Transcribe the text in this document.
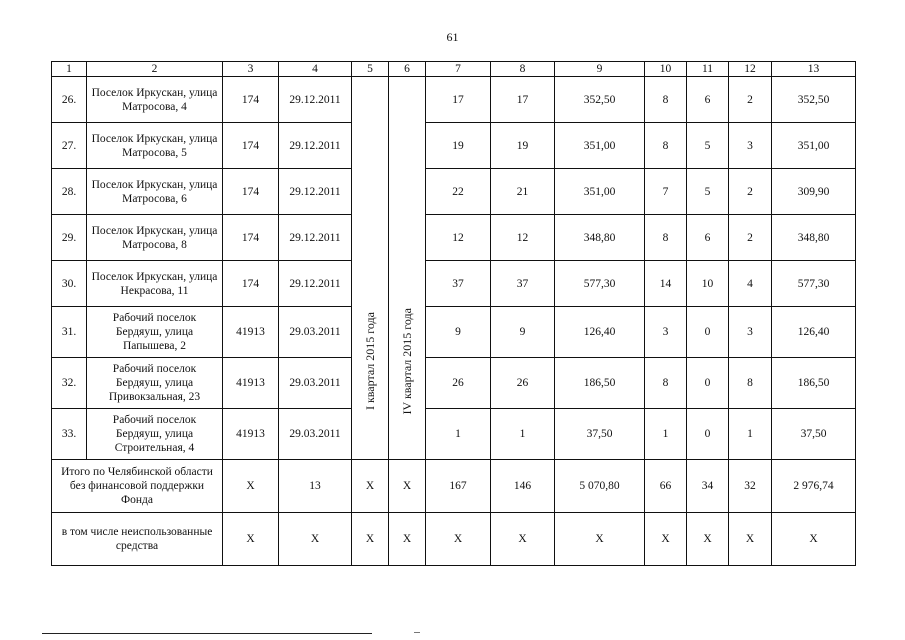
61
1	2	3	4	5	6	7	8	9	10	11	12	13
26.	Поселок Иркускан, улица Матросова, 4	174	29.12.2011	I квартал 2015 года	IV квартал 2015 года	17	17	352,50	8	6	2	352,50
27.	Поселок Иркускан, улица Матросова, 5	174	29.12.2011			19	19	351,00	8	5	3	351,00
28.	Поселок Иркускан, улица Матросова, 6	174	29.12.2011			22	21	351,00	7	5	2	309,90
29.	Поселок Иркускан, улица Матросова, 8	174	29.12.2011			12	12	348,80	8	6	2	348,80
30.	Поселок Иркускан, улица Некрасова, 11	174	29.12.2011			37	37	577,30	14	10	4	577,30
31.	Рабочий поселок Бердяуш, улица Папышева, 2	41913	29.03.2011			9	9	126,40	3	0	3	126,40
32.	Рабочий поселок Бердяуш, улица Привокзальная, 23	41913	29.03.2011			26	26	186,50	8	0	8	186,50
33.	Рабочий поселок Бердяуш, улица Строительная, 4	41913	29.03.2011			1	1	37,50	1	0	1	37,50
Итого по Челябинской области без финансовой поддержки Фонда		Х	13	Х	Х	167	146	5 070,80	66	34	32	2 976,74
в том числе неиспользованные средства		Х	Х	Х	Х	Х	Х	Х	Х	Х	Х	Х
